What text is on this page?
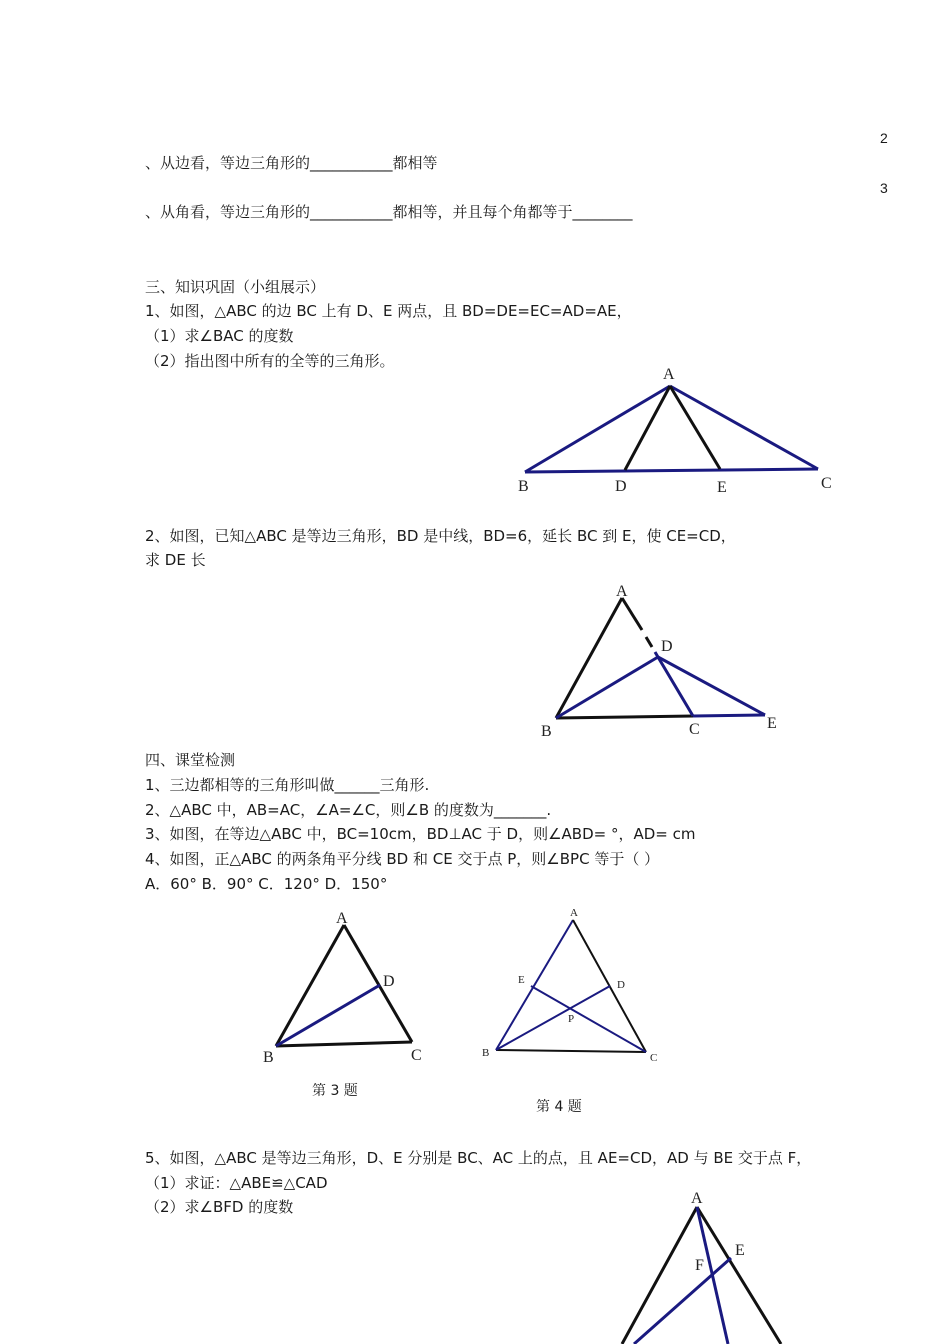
2
3
、从边看，等边三角形的___________都相等
、从角看，等边三角形的___________都相等，并且每个角都等于________
三、知识巩固（小组展示）
1、如图，△ABC 的边 BC 上有 D、E 两点，且 BD=DE=EC=AD=AE，
（1）求∠BAC 的度数
（2）指出图中所有的全等的三角形。
2、如图，已知△ABC 是等边三角形，BD 是中线，BD=6，延长 BC 到 E，使 CE=CD，
求 DE 长
四、课堂检测
1、三边都相等的三角形叫做______三角形.
2、△ABC 中，AB=AC，∠A=∠C，则∠B 的度数为_______.
3、如图，在等边△ABC 中，BC=10cm，BD⊥AC 于 D，则∠ABD= °，AD= cm
4、如图，正△ABC 的两条角平分线 BD 和 CE 交于点 P，则∠BPC 等于（ ）
A．60° B．90° C．120° D．150°
第 3 题
第 4 题
5、如图，△ABC 是等边三角形，D、E 分别是 BC、AC 上的点，且 AE=CD，AD 与 BE 交于点 F，
（1）求证：△ABE≌△CAD
（2）求∠BFD 的度数
A
B	D	E	C
A
D
B	C	E
A
D
B	C
A
E	D
P
B	C
A
E
F
